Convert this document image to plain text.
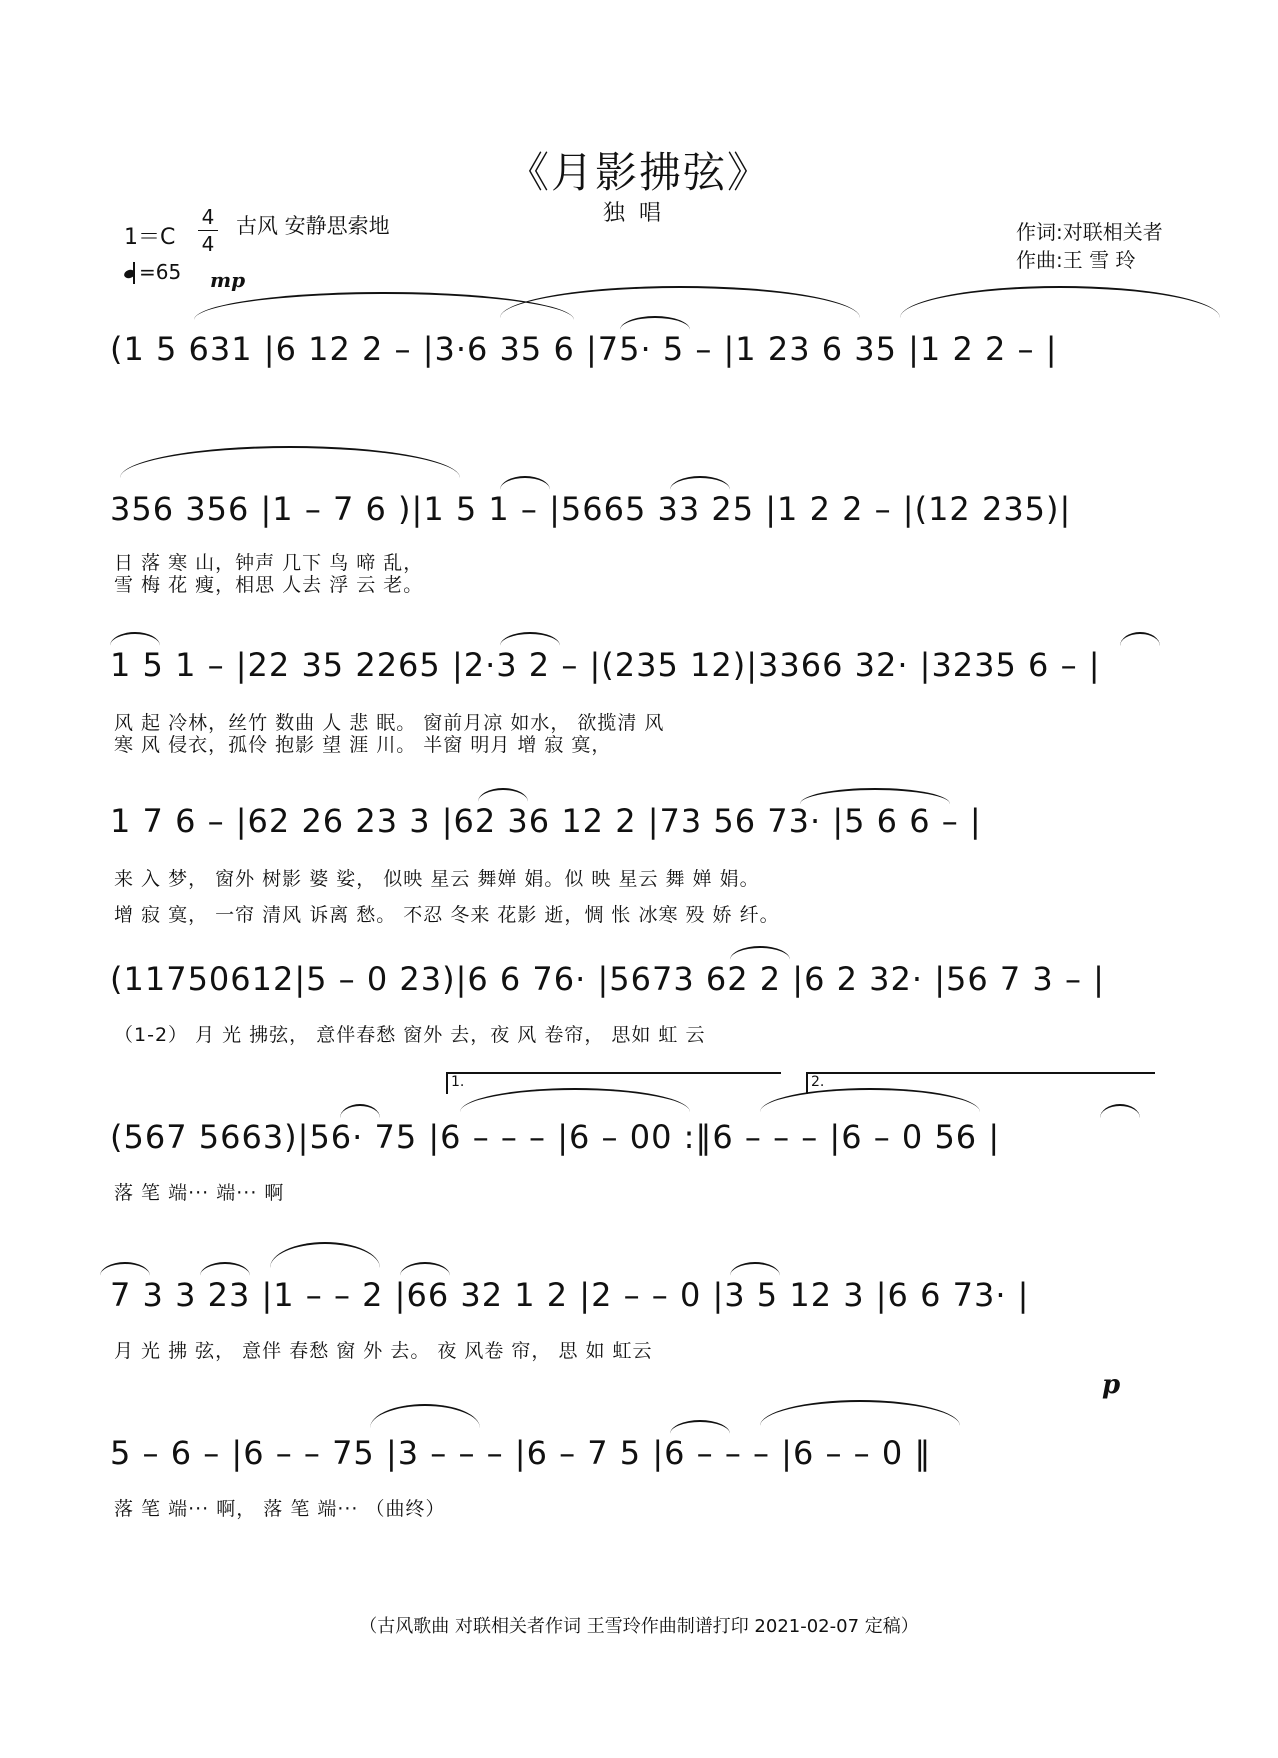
《月影拂弦》
独唱
1＝C
4
4
古风 安静思索地
=65 mp
作词:对联相关者
作曲:王 雪 玲
(1 5 631 |6 12 2 – |3·6 35 6 |75· 5 – |1 23 6 35 |1 2 2 – |
356 356 |1 – 7 6 )|1 5 1 – |5665 33 25 |1 2 2 – |(12 235)|
日 落 寒 山，钟声 几下 鸟 啼 乱，
雪 梅 花 瘦，相思 人去 浮 云 老。
1 5 1 – |22 35 2265 |2·3 2 – |(235 12)|3366 32· |3235 6 – |
风 起 冷林，丝竹 数曲 人 悲 眠。 窗前月凉 如水， 欲揽清 风
寒 风 侵衣，孤伶 抱影 望 涯 川。 半窗 明月 增 寂 寞，
1 7 6 – |62 26 23 3 |62 36 12 2 |73 56 73· |5 6 6 – |
来 入 梦， 窗外 树影 婆 娑， 似映 星云 舞婵 娟。似 映 星云 舞 婵 娟。
(11750612|5 – 0 23)|6 6 76· |5673 62 2 |6 2 32· |56 7 3 – |
增 寂 寞， 一帘 清风 诉离 愁。 不忍 冬来 花影 逝，惆 怅 冰寒 殁 娇 纤。
（1-2） 月 光 拂弦， 意伴春愁 窗外 去，夜 风 卷帘， 思如 虹 云
1.	2.
(567 5663)|56· 75 |6 – – – |6 – 00 :‖6 – – – |6 – 0 56 |
落 笔 端··· 端··· 啊
7 3 3 23 |1 – – 2 |66 32 1 2 |2 – – 0 |3 5 12 3 |6 6 73· |
月 光 拂 弦， 意伴 春愁 窗 外 去。 夜 风卷 帘， 思 如 虹云
5 – 6 – |6 – – 75 |3 – – – |6 – 7 5 |6 – – – |6 – – 0 ‖
落 笔 端··· 啊， 落 笔 端··· （曲终）
p
（古风歌曲 对联相关者作词 王雪玲作曲制谱打印 2021-02-07 定稿）
